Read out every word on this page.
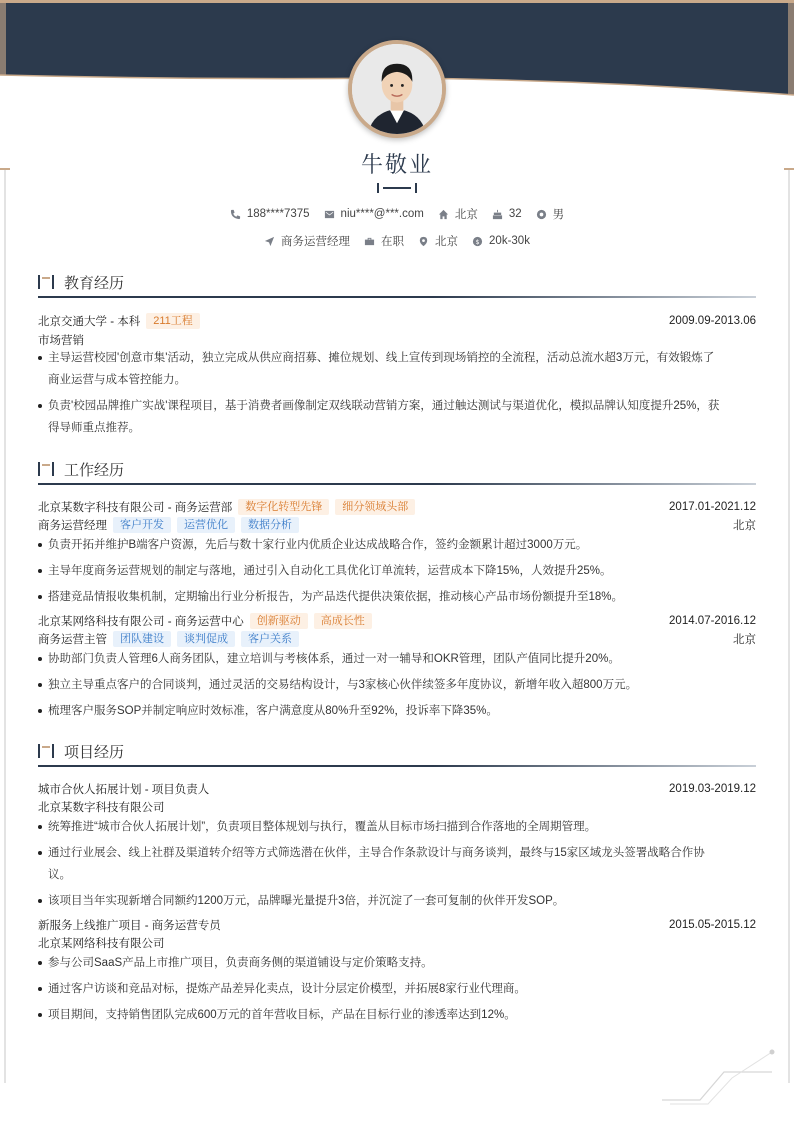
牛敬业
188****7375	niu****@***.com	北京	32	男
商务运营经理	在职	北京 $ 20k-30k
教育经历
北京交通大学 - 本科	211工程	2009.09-2013.06
市场营销
主导运营校园'创意市集'活动，独立完成从供应商招募、摊位规划、线上宣传到现场销控的全流程，活动总流水超3万元，有效锻炼了
商业运营与成本管控能力。
负责'校园品牌推广实战'课程项目，基于消费者画像制定双线联动营销方案，通过触达测试与渠道优化，模拟品牌认知度提升25%，获
得导师重点推荐。
工作经历
北京某数字科技有限公司 - 商务运营部	数字化转型先锋	细分领域头部	2017.01-2021.12
商务运营经理	客户开发	运营优化	数据分析	北京
负责开拓并维护B端客户资源，先后与数十家行业内优质企业达成战略合作，签约金额累计超过3000万元。
主导年度商务运营规划的制定与落地，通过引入自动化工具优化订单流转，运营成本下降15%，人效提升25%。
搭建竞品情报收集机制，定期输出行业分析报告，为产品迭代提供决策依据，推动核心产品市场份额提升至18%。
北京某网络科技有限公司 - 商务运营中心	创新驱动	高成长性	2014.07-2016.12
商务运营主管	团队建设	谈判促成	客户关系	北京
协助部门负责人管理6人商务团队，建立培训与考核体系，通过一对一辅导和OKR管理，团队产值同比提升20%。
独立主导重点客户的合同谈判，通过灵活的交易结构设计，与3家核心伙伴续签多年度协议，新增年收入超800万元。
梳理客户服务SOP并制定响应时效标准，客户满意度从80%升至92%，投诉率下降35%。
项目经历
城市合伙人拓展计划 - 项目负责人	2019.03-2019.12
北京某数字科技有限公司
统筹推进“城市合伙人拓展计划”，负责项目整体规划与执行，覆盖从目标市场扫描到合作落地的全周期管理。
通过行业展会、线上社群及渠道转介绍等方式筛选潜在伙伴，主导合作条款设计与商务谈判，最终与15家区域龙头签署战略合作协
议。
该项目当年实现新增合同额约1200万元，品牌曝光量提升3倍，并沉淀了一套可复制的伙伴开发SOP。
新服务上线推广项目 - 商务运营专员	2015.05-2015.12
北京某网络科技有限公司
参与公司SaaS产品上市推广项目，负责商务侧的渠道铺设与定价策略支持。
通过客户访谈和竞品对标，提炼产品差异化卖点，设计分层定价模型，并拓展8家行业代理商。
项目期间，支持销售团队完成600万元的首年营收目标，产品在目标行业的渗透率达到12%。
